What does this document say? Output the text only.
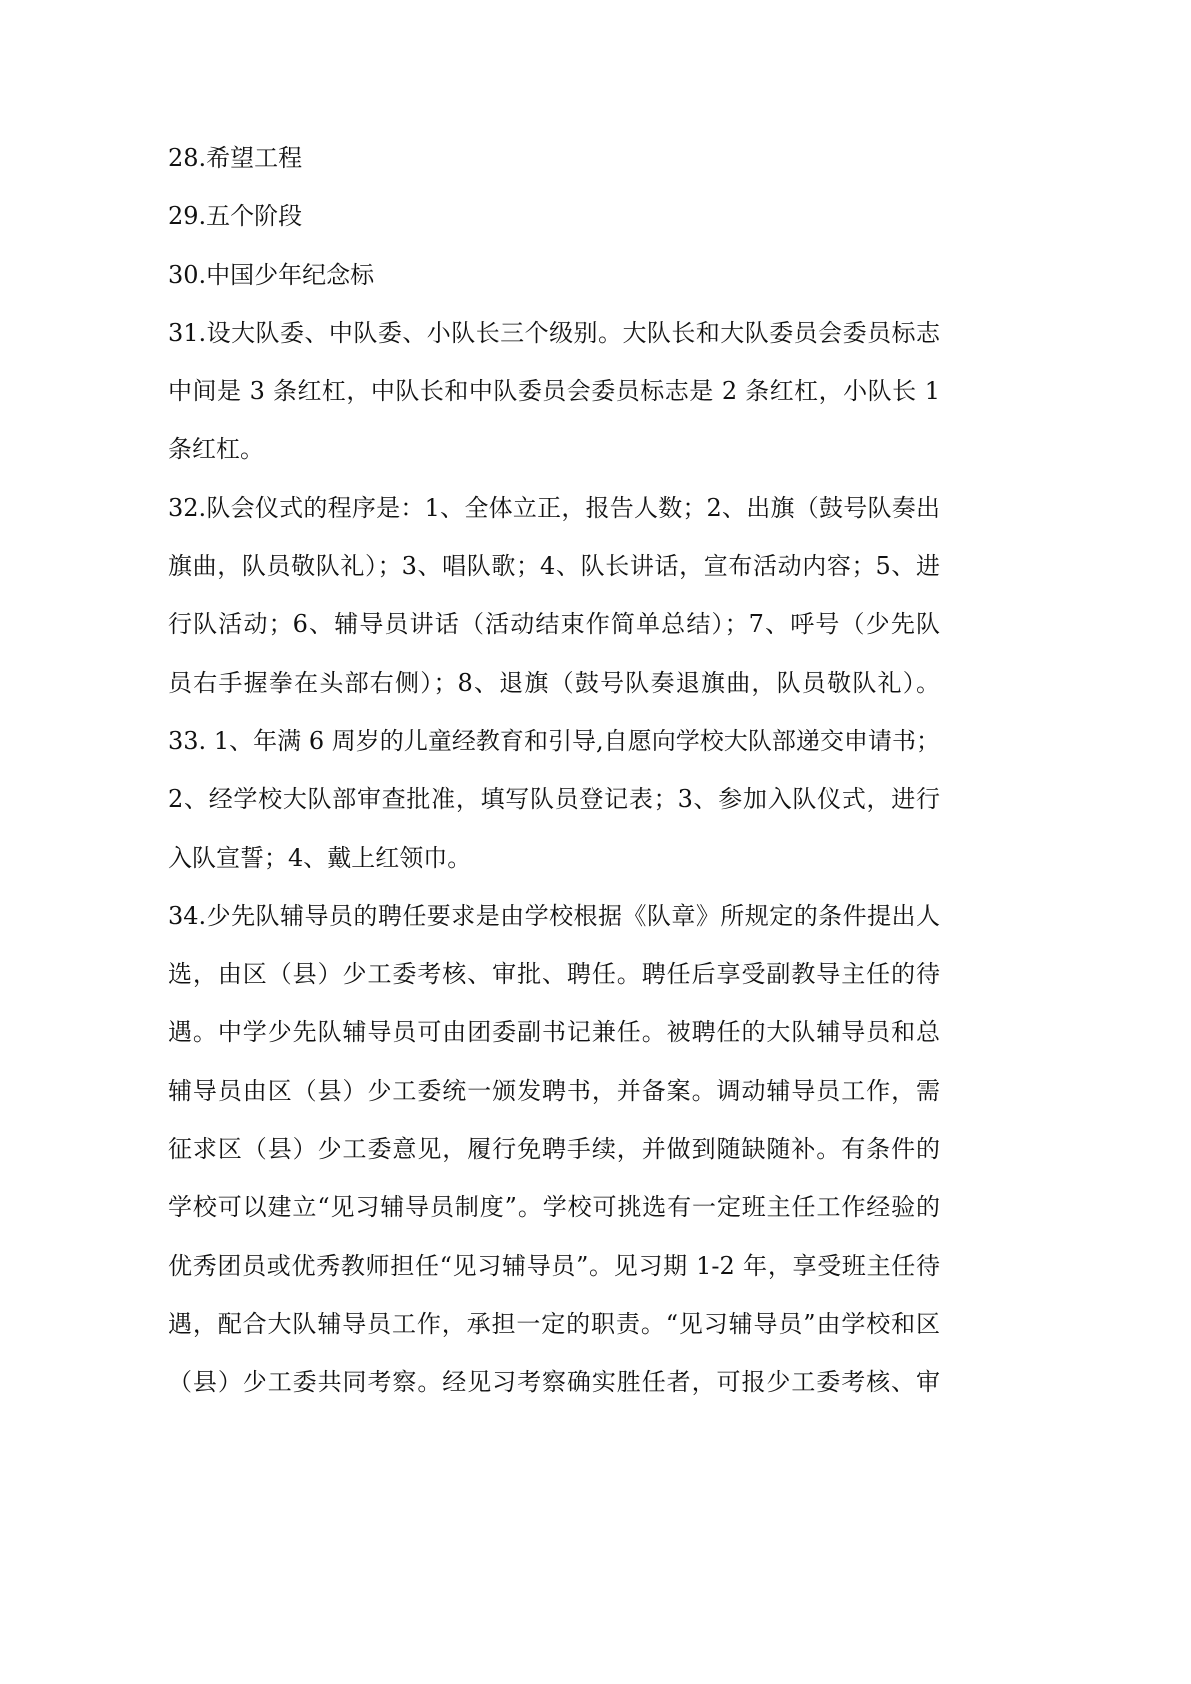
28.希望工程
29.五个阶段
30.中国少年纪念标
31.设大队委、中队委、小队长三个级别。大队长和大队委员会委员标志
中间是 3 条红杠，中队长和中队委员会委员标志是 2 条红杠，小队长 1
条红杠。
32.队会仪式的程序是：1、全体立正，报告人数；2、出旗（鼓号队奏出
旗曲，队员敬队礼）；3、唱队歌；4、队长讲话，宣布活动内容；5、进
行队活动；6、辅导员讲话（活动结束作简单总结）；7、呼号（少先队
员右手握拳在头部右侧）；8、退旗（鼓号队奏退旗曲，队员敬队礼）。
33. 1、年满 6 周岁的儿童经教育和引导,自愿向学校大队部递交申请书；
2、经学校大队部审查批准，填写队员登记表；3、参加入队仪式，进行
入队宣誓；4、戴上红领巾。
34.少先队辅导员的聘任要求是由学校根据《队章》所规定的条件提出人
选，由区（县）少工委考核、审批、聘任。聘任后享受副教导主任的待
遇。中学少先队辅导员可由团委副书记兼任。被聘任的大队辅导员和总
辅导员由区（县）少工委统一颁发聘书，并备案。调动辅导员工作，需
征求区（县）少工委意见，履行免聘手续，并做到随缺随补。有条件的
学校可以建立“见习辅导员制度”。学校可挑选有一定班主任工作经验的
优秀团员或优秀教师担任“见习辅导员”。见习期 1-2 年，享受班主任待
遇，配合大队辅导员工作，承担一定的职责。“见习辅导员”由学校和区
（县）少工委共同考察。经见习考察确实胜任者，可报少工委考核、审
